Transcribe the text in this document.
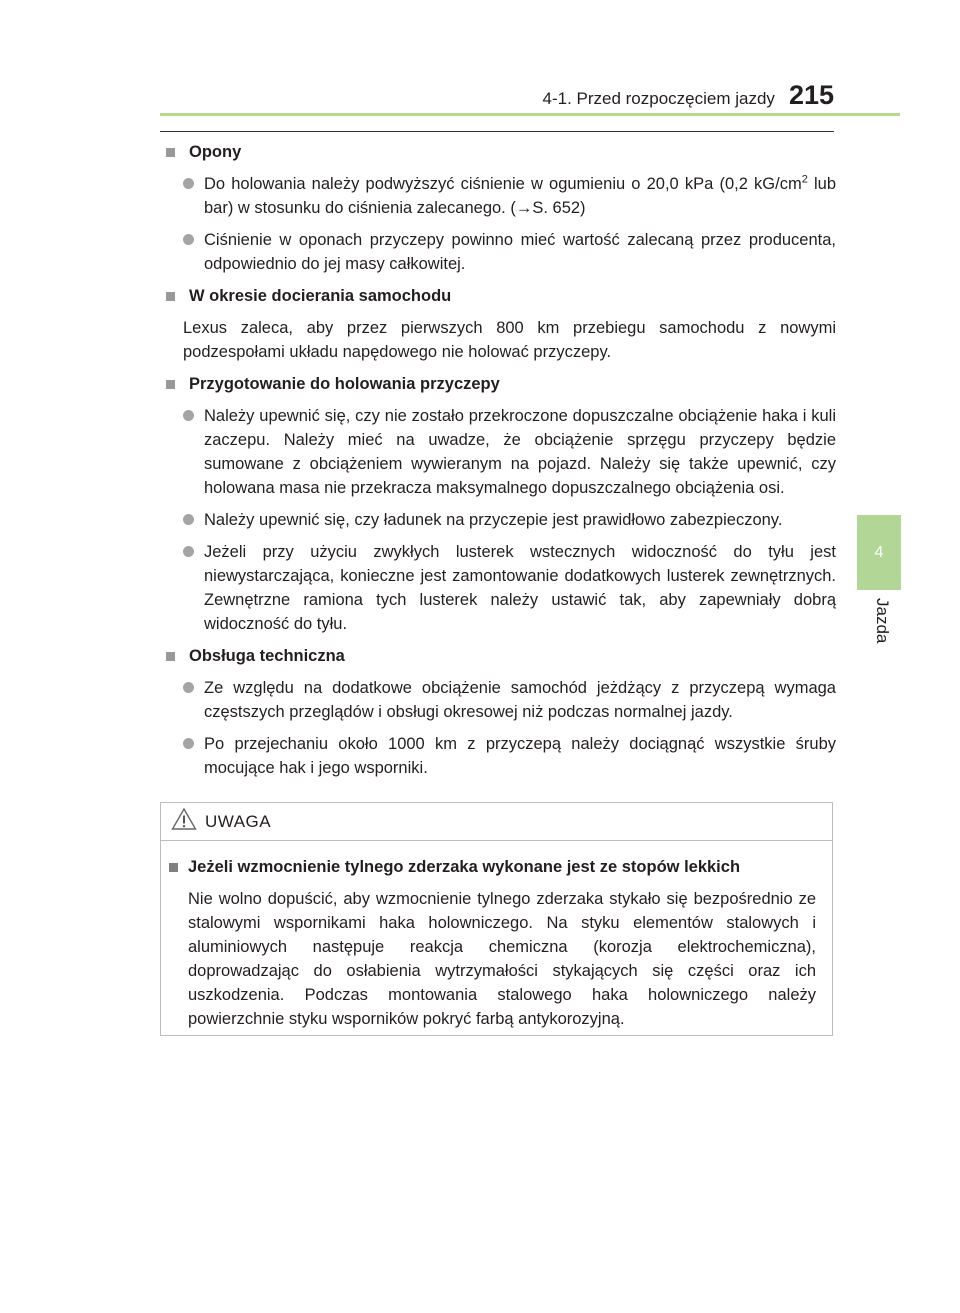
4-1. Przed rozpoczęciem jazdy 215
4
Jazda
Opony
Do holowania należy podwyższyć ciśnienie w ogumieniu o 20,0 kPa (0,2 $kG/cm^2$ lub bar) w stosunku do ciśnienia zalecanego. (→S. 652)
Ciśnienie w oponach przyczepy powinno mieć wartość zalecaną przez producenta, odpowiednio do jej masy całkowitej.
W okresie docierania samochodu
Lexus zaleca, aby przez pierwszych 800 km przebiegu samochodu z nowymi podzespołami układu napędowego nie holować przyczepy.
Przygotowanie do holowania przyczepy
Należy upewnić się, czy nie zostało przekroczone dopuszczalne obciążenie haka i kuli zaczepu. Należy mieć na uwadze, że obciążenie sprzęgu przyczepy będzie sumowane z obciążeniem wywieranym na pojazd. Należy się także upewnić, czy holowana masa nie przekracza maksymalnego dopuszczalnego obciążenia osi.
Należy upewnić się, czy ładunek na przyczepie jest prawidłowo zabezpieczony.
Jeżeli przy użyciu zwykłych lusterek wstecznych widoczność do tyłu jest niewystarczająca, konieczne jest zamontowanie dodatkowych lusterek zewnętrznych. Zewnętrzne ramiona tych lusterek należy ustawić tak, aby zapewniały dobrą widoczność do tyłu.
Obsługa techniczna
Ze względu na dodatkowe obciążenie samochód jeżdżący z przyczepą wymaga częstszych przeglądów i obsługi okresowej niż podczas normalnej jazdy.
Po przejechaniu około 1000 km z przyczepą należy dociągnąć wszystkie śruby mocujące hak i jego wsporniki.
UWAGA
Jeżeli wzmocnienie tylnego zderzaka wykonane jest ze stopów lekkich
Nie wolno dopuścić, aby wzmocnienie tylnego zderzaka stykało się bezpośrednio ze stalowymi wspornikami haka holowniczego. Na styku elementów stalowych i aluminiowych następuje reakcja chemiczna (korozja elektrochemiczna), doprowadzając do osłabienia wytrzymałości stykających się części oraz ich uszkodzenia. Podczas montowania stalowego haka holowniczego należy powierzchnie styku wsporników pokryć farbą antykorozyjną.
